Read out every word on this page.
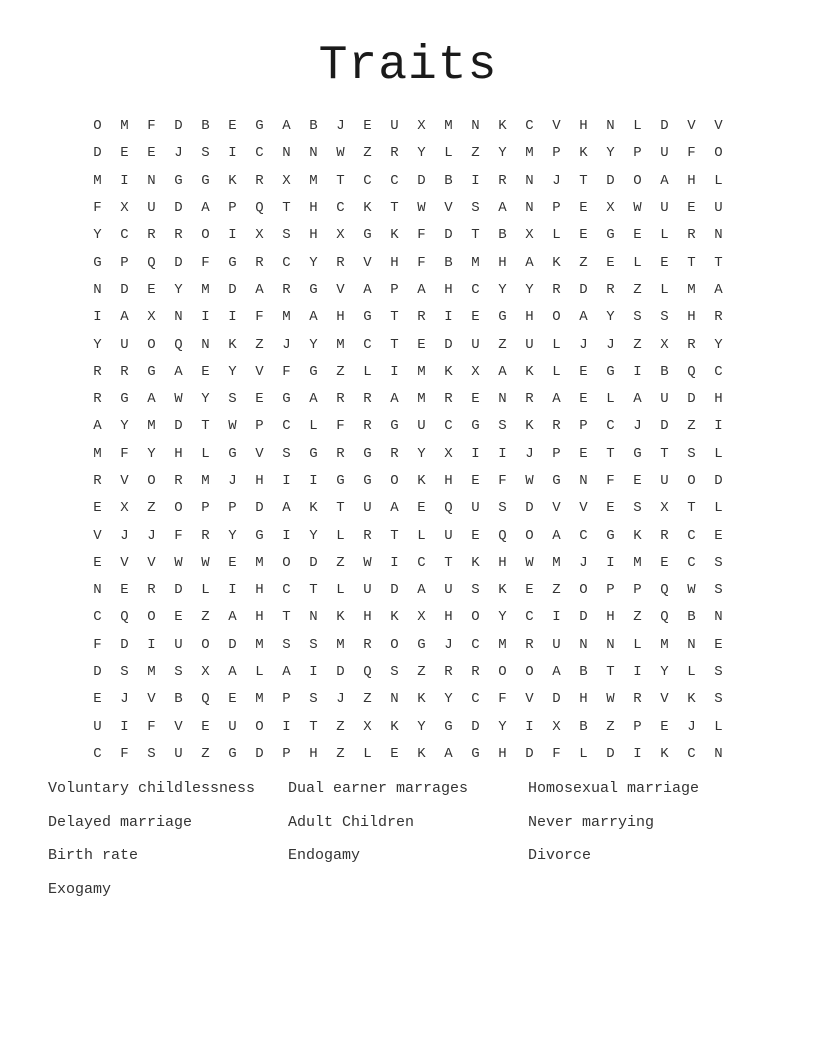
Traits
O	M	F	D	B	E	G	A	B	J	E	U	X	M	N	K	C	V	H	N	L	D	V	V
D	E	E	J	S	I	C	N	N	W	Z	R	Y	L	Z	Y	M	P	K	Y	P	U	F	O
M	I	N	G	G	K	R	X	M	T	C	C	D	B	I	R	N	J	T	D	O	A	H	L
F	X	U	D	A	P	Q	T	H	C	K	T	W	V	S	A	N	P	E	X	W	U	E	U
Y	C	R	R	O	I	X	S	H	X	G	K	F	D	T	B	X	L	E	G	E	L	R	N
G	P	Q	D	F	G	R	C	Y	R	V	H	F	B	M	H	A	K	Z	E	L	E	T	T
N	D	E	Y	M	D	A	R	G	V	A	P	A	H	C	Y	Y	R	D	R	Z	L	M	A
I	A	X	N	I	I	F	M	A	H	G	T	R	I	E	G	H	O	A	Y	S	S	H	R
Y	U	O	Q	N	K	Z	J	Y	M	C	T	E	D	U	Z	U	L	J	J	Z	X	R	Y
R	R	G	A	E	Y	V	F	G	Z	L	I	M	K	X	A	K	L	E	G	I	B	Q	C
R	G	A	W	Y	S	E	G	A	R	R	A	M	R	E	N	R	A	E	L	A	U	D	H
A	Y	M	D	T	W	P	C	L	F	R	G	U	C	G	S	K	R	P	C	J	D	Z	I
M	F	Y	H	L	G	V	S	G	R	G	R	Y	X	I	I	J	P	E	T	G	T	S	L
R	V	O	R	M	J	H	I	I	G	G	O	K	H	E	F	W	G	N	F	E	U	O	D
E	X	Z	O	P	P	D	A	K	T	U	A	E	Q	U	S	D	V	V	E	S	X	T	L
V	J	J	F	R	Y	G	I	Y	L	R	T	L	U	E	Q	O	A	C	G	K	R	C	E
E	V	V	W	W	E	M	O	D	Z	W	I	C	T	K	H	W	M	J	I	M	E	C	S
N	E	R	D	L	I	H	C	T	L	U	D	A	U	S	K	E	Z	O	P	P	Q	W	S
C	Q	O	E	Z	A	H	T	N	K	H	K	X	H	O	Y	C	I	D	H	Z	Q	B	N
F	D	I	U	O	D	M	S	S	M	R	O	G	J	C	M	R	U	N	N	L	M	N	E
D	S	M	S	X	A	L	A	I	D	Q	S	Z	R	R	O	O	A	B	T	I	Y	L	S
E	J	V	B	Q	E	M	P	S	J	Z	N	K	Y	C	F	V	D	H	W	R	V	K	S
U	I	F	V	E	U	O	I	T	Z	X	K	Y	G	D	Y	I	X	B	Z	P	E	J	L
C	F	S	U	Z	G	D	P	H	Z	L	E	K	A	G	H	D	F	L	D	I	K	C	N
Voluntary childlessness	Dual earner marrages	Homosexual marriage
Delayed marriage	Adult Children	Never marrying
Birth rate	Endogamy	Divorce
Exogamy
